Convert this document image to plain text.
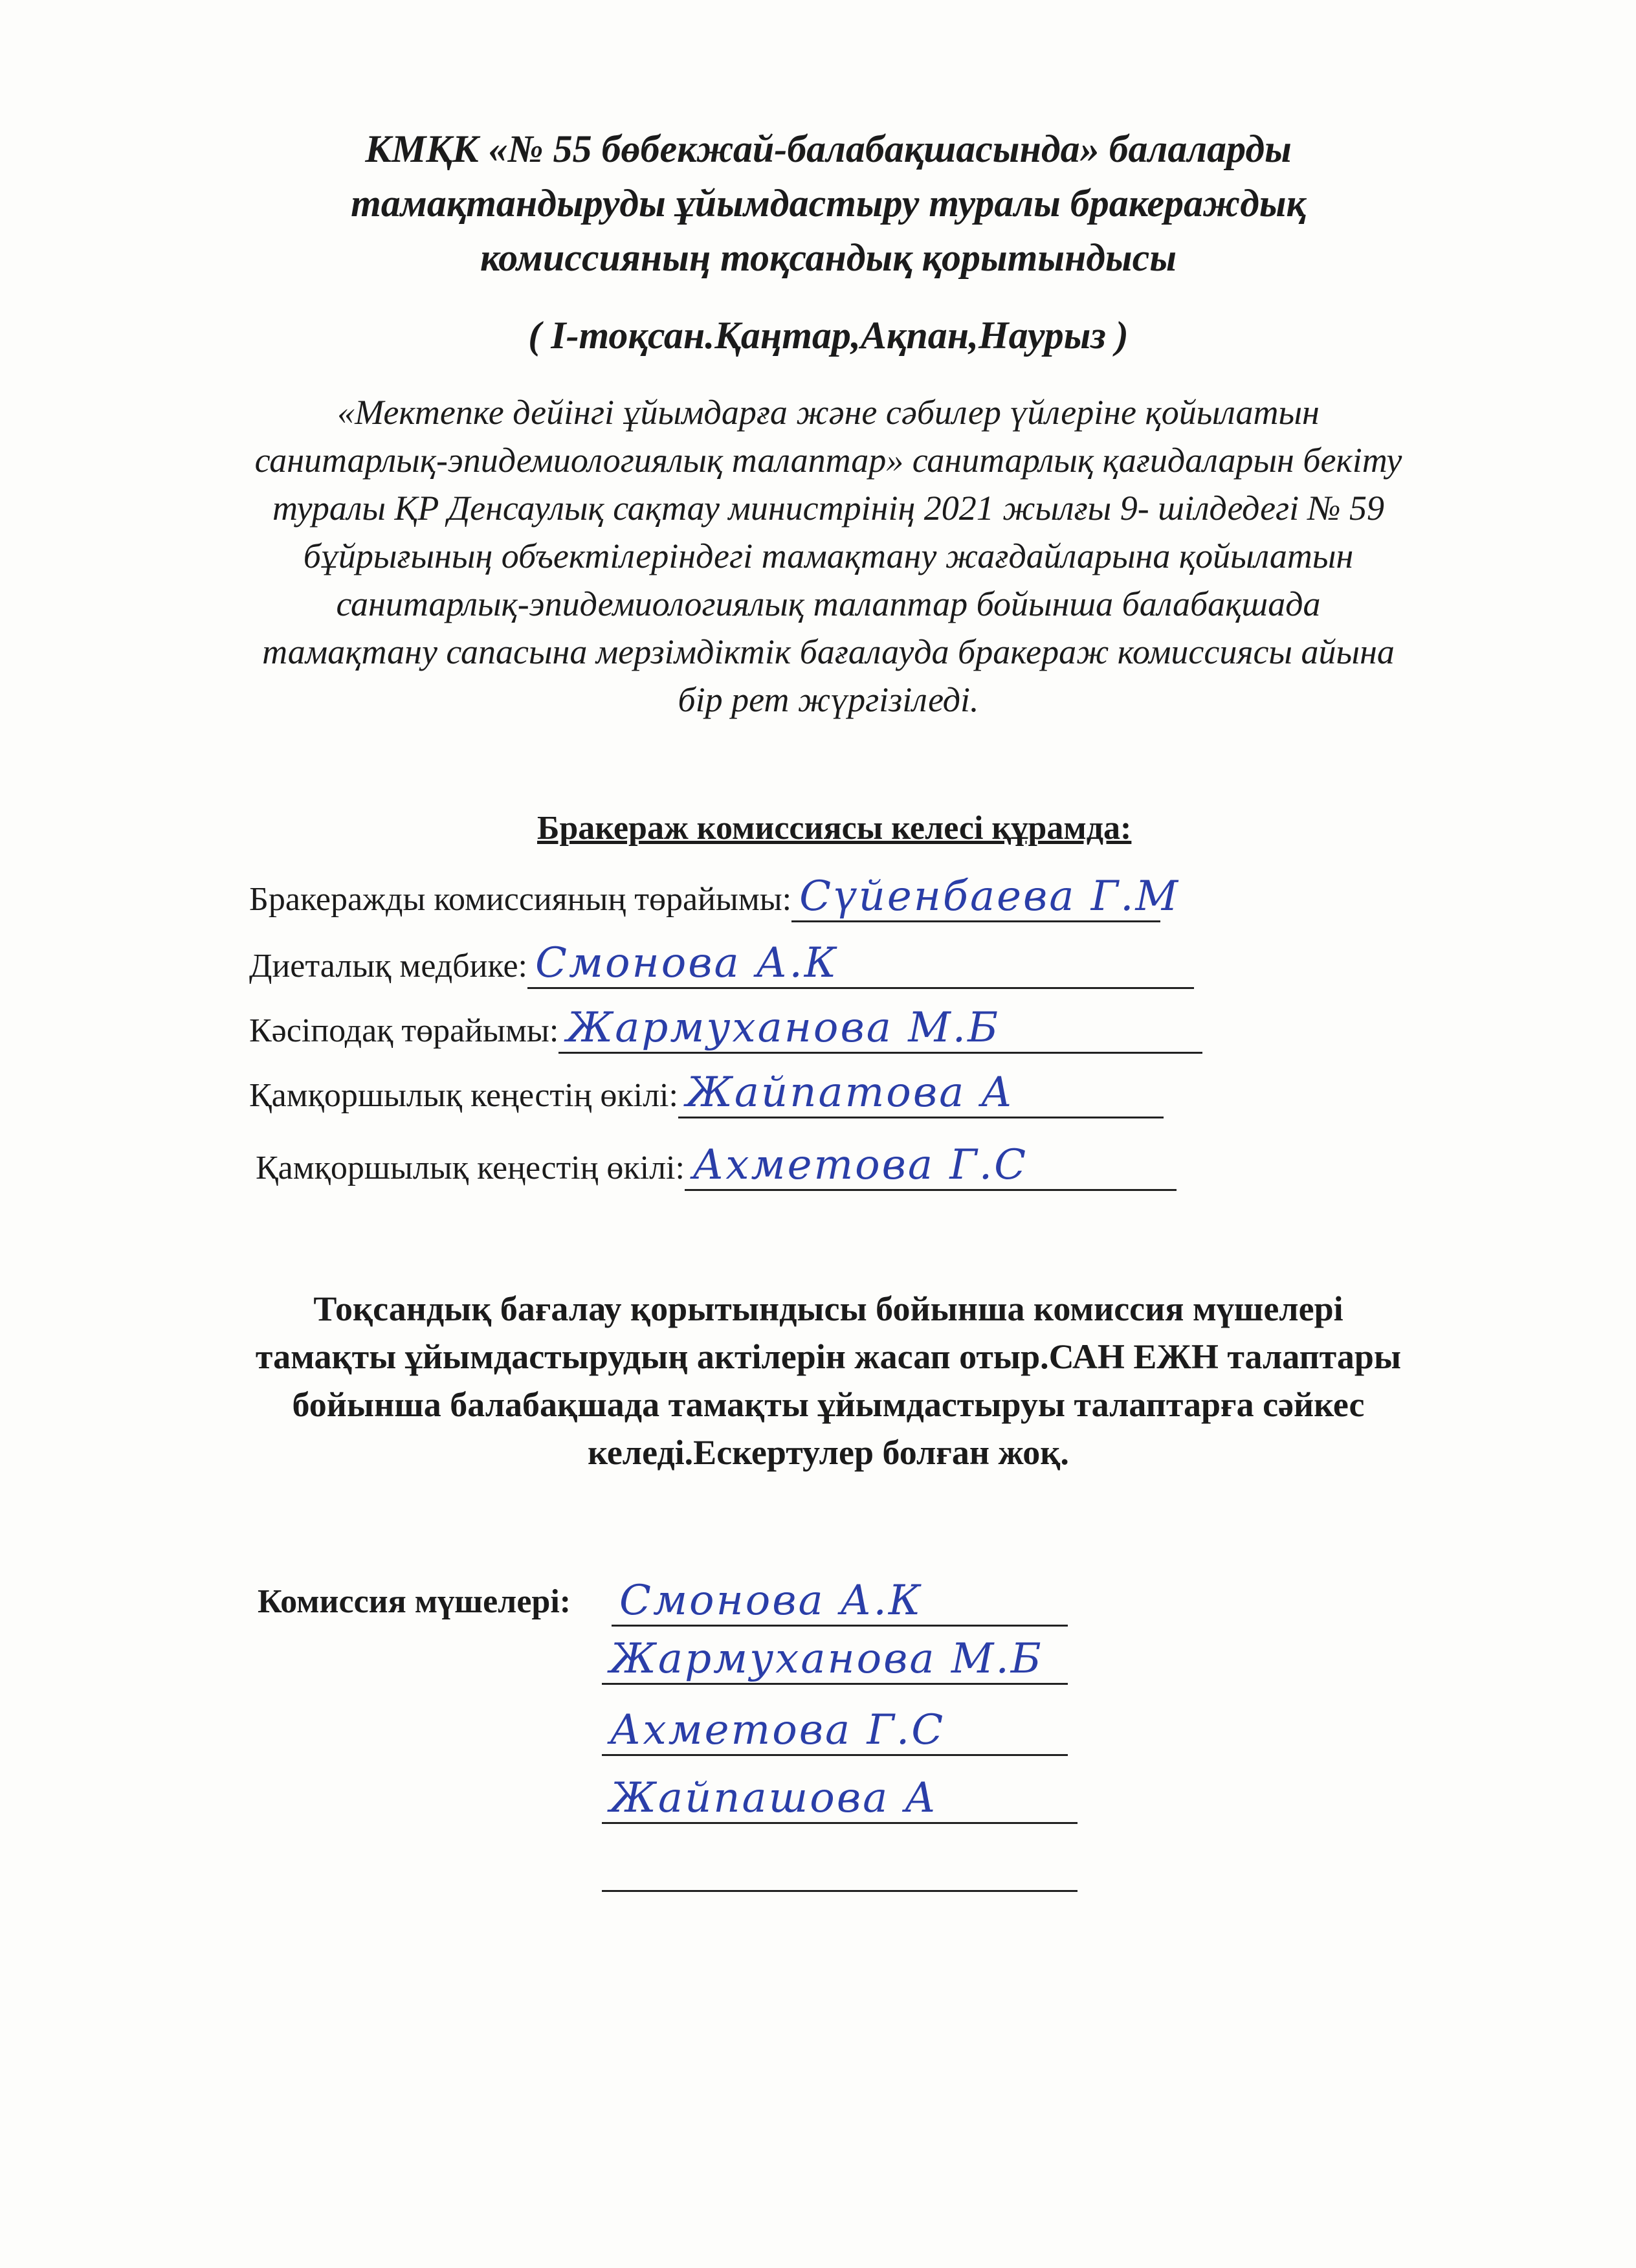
КМҚК «№ 55 бөбекжай-балабақшасында» балаларды
тамақтандыруды ұйымдастыру туралы бракераждық
комиссияның тоқсандық қорытындысы
( I-тоқсан.Қаңтар,Ақпан,Наурыз )
«Мектепке дейінгі ұйымдарға және сәбилер үйлеріне қойылатын
санитарлық-эпидемиологиялық талаптар» санитарлық қағидаларын бекіту
туралы ҚР Денсаулық сақтау министрінің 2021 жылғы 9- шілдедегі № 59
бұйрығының объектілеріндегі тамақтану жағдайларына қойылатын
санитарлық-эпидемиологиялық талаптар бойынша балабақшада
тамақтану сапасына мерзімдіктік бағалауда бракераж комиссиясы айына
бір рет жүргізіледі.
Бракераж комиссиясы келесі құрамда:
Бракеражды комиссияның төрайымы: Сүйенбаева Г.М
Диеталық медбике: Смонова А.К
Кәсіподақ төрайымы: Жармуханова М.Б
Қамқоршылық кеңестің өкілі: Жайпатова А
Қамқоршылық кеңестің өкілі: Ахметова Г.С
Тоқсандық бағалау қорытындысы бойынша комиссия мүшелері
тамақты ұйымдастырудың актілерін жасап отыр.САН ЕЖН талаптары
бойынша балабақшада тамақты ұйымдастыруы талаптарға сәйкес
келеді.Ескертулер болған жоқ.
Комиссия мүшелері: Смонова А.К
Жармуханова М.Б
Ахметова Г.С
Жайпашова А
